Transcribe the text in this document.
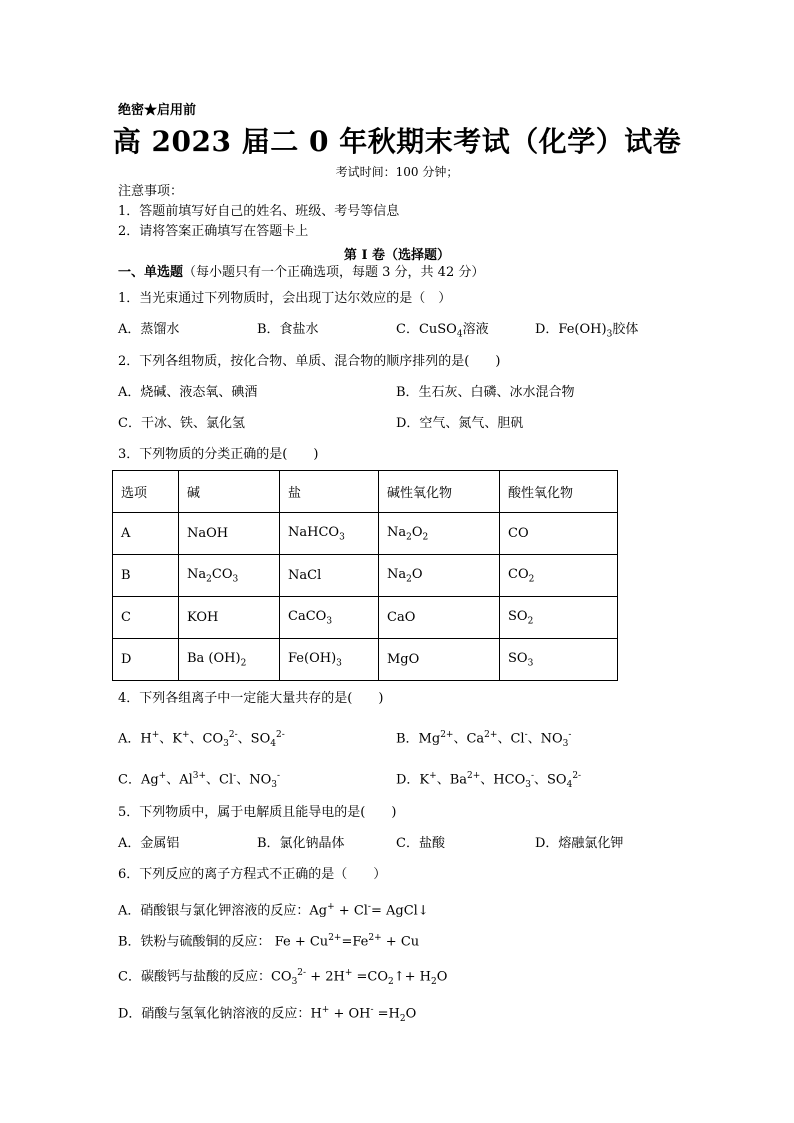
绝密★启用前
高 2023 届二 0 年秋期末考试（化学）试卷
考试时间：100 分钟；
注意事项：
1．答题前填写好自己的姓名、班级、考号等信息
2．请将答案正确填写在答题卡上
第 I 卷（选择题）
一、单选题（每小题只有一个正确选项，每题 3 分，共 42 分）
1．当光束通过下列物质时，会出现丁达尔效应的是（　）
A．蒸馏水	B．食盐水	C．CuSO$_4$溶液	D．$Fe(OH)_3$胶体
2．下列各组物质，按化合物、单质、混合物的顺序排列的是(　　)
A．烧碱、液态氧、碘酒	B．生石灰、白磷、冰水混合物
C．干冰、铁、氯化氢	D．空气、氮气、胆矾
3．下列物质的分类正确的是(　　)
选项	碱	盐	碱性氧化物	酸性氧化物
A	NaOH	NaHCO$_3$	$Na_2O_2$	CO
B	$Na_2CO_3$	NaCl	$Na_2O$	$CO_2$
C	KOH	CaCO$_3$	CaO	$SO_2$
D	Ba $(OH)_2$	$Fe(OH)_3$	MgO	$SO_3$
4．下列各组离子中一定能大量共存的是(　　)
A．H+、K+、$CO_3^{2-}$、$SO_4^{2-}$	B．$Mg^{2+}$、$Ca^{2+}$、Cl-、$NO_3^-$
C．Ag+、$Al^{3+}$、Cl-、$NO_3^-$	D．K+、$Ba^{2+}$、$HCO_3^-$、$SO_4^{2-}$
5．下列物质中，属于电解质且能导电的是(　　)
A．金属铝	B．氯化钠晶体	C．盐酸	D．熔融氯化钾
6．下列反应的离子方程式不正确的是（　　）
A．硝酸银与氯化钾溶液的反应：Ag+ + Cl-= AgCl↓
B．铁粉与硫酸铜的反应： $Fe + Cu^{2+}=Fe^{2+} + Cu$
C．碳酸钙与盐酸的反应：$CO_3^{2-} + 2H^+$ $=CO_2↑+ H_2O$
D．硝酸与氢氧化钠溶液的反应：$H^+ + OH^- =H_2O$
